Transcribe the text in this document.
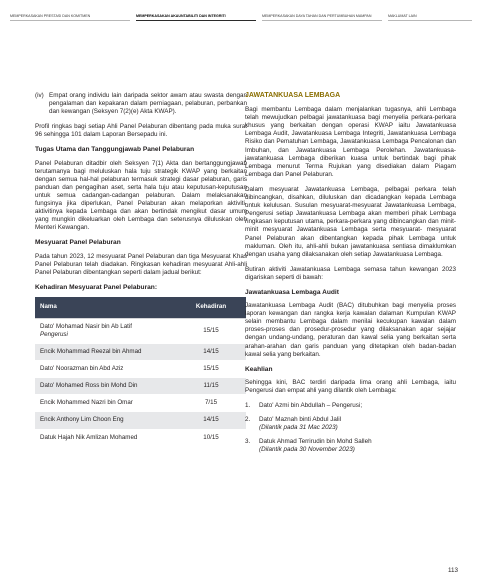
MEMPERKASAKAN PRESTASI DAN KOMITMEN	MEMPERKASAKAN AKAUNTABILITI DAN INTEGRITI	MEMPERKASAKAN DAYA TAHAN DAN PERTUMBUHAN MAMPAN	MAKLUMAT LAIN
(iv) Empat orang individu lain daripada sektor awam atau swasta dengan pengalaman dan kepakaran dalam perniagaan, pelaburan, perbankan dan kewangan (Seksyen 7(2)(e) Akta KWAP).

Profil ringkas bagi setiap Ahli Panel Pelaburan dibentang pada muka surat 96 sehingga 101 dalam Laporan Bersepadu ini.

Tugas Utama dan Tanggungjawab Panel Pelaburan

Panel Pelaburan ditadbir oleh Seksyen 7(1) Akta dan bertanggungjawab terutamanya bagi meluluskan hala tuju strategik KWAP yang berkaitan dengan semua hal-hal pelaburan termasuk strategi dasar pelaburan, garis panduan dan pengagihan aset, serta hala tuju atau keputusan-keputusan untuk semua cadangan-cadangan pelaburan. Dalam melaksanakan fungsinya jika diperlukan, Panel Pelaburan akan melaporkan aktiviti-aktivitinya kepada Lembaga dan akan bertindak mengikut dasar umum yang mungkin dikeluarkan oleh Lembaga dan seterusnya diluluskan oleh Menteri Kewangan.

Mesyuarat Panel Pelaburan

Pada tahun 2023, 12 mesyuarat Panel Pelaburan dan tiga Mesyuarat Khas Panel Pelaburan telah diadakan. Ringkasan kehadiran mesyuarat Ahli-ahli Panel Pelaburan dibentangkan seperti dalam jadual berikut:

Kehadiran Mesyuarat Panel Pelaburan:
Nama	Kehadiran
Dato' Mohamad Nasir bin Ab Latif
Pengerusi	15/15
Encik Mohammad Reezal bin Ahmad	14/15
Dato' Noorazman bin Abd Aziz	15/15
Dato' Mohamed Ross bin Mohd Din	11/15
Encik Mohammed Nazri bin Omar	7/15
Encik Anthony Lim Choon Eng	14/15
Datuk Hajah Nik Amlizan Mohamed	10/15
JAWATANKUASA LEMBAGA

Bagi membantu Lembaga dalam menjalankan tugasnya, ahli Lembaga telah mewujudkan pelbagai jawatankuasa bagi menyelia perkara-perkara khusus yang berkaitan dengan operasi KWAP iaitu Jawatankuasa Lembaga Audit, Jawatankuasa Lembaga Integriti, Jawatankuasa Lembaga Risiko dan Pematuhan Lembaga, Jawatankuasa Lembaga Pencalonan dan Imbuhan, dan Jawatankuasa Lembaga Perolehan. Jawatankuasa-jawatankuasa Lembaga diberikan kuasa untuk bertindak bagi pihak Lembaga menurut Terma Rujukan yang disediakan dalam Piagam Lembaga dan Panel Pelaburan.

Dalam mesyuarat Jawatankuasa Lembaga, pelbagai perkara telah dibincangkan, disahkan, diluluskan dan dicadangkan kepada Lembaga untuk kelulusan. Susulan mesyuarat-mesyuarat Jawatankuasa Lembaga, Pengerusi setiap Jawatankuasa Lembaga akan memberi pihak Lembaga ringkasan keputusan utama, perkara-perkara yang dibincangkan dan minit-minit mesyuarat Jawatankuasa Lembaga serta mesyuarat- mesyuarat Panel Pelaburan akan dibentangkan kepada pihak Lembaga untuk makluman. Oleh itu, ahli-ahli bukan jawatankuasa sentiasa dimaklumkan dengan usaha yang dilaksanakan oleh setiap Jawatankuasa Lembaga.

Butiran aktiviti Jawatankuasa Lembaga semasa tahun kewangan 2023 digariskan seperti di bawah:

Jawatankuasa Lembaga Audit

Jawatankuasa Lembaga Audit (BAC) ditubuhkan bagi menyelia proses laporan kewangan dan rangka kerja kawalan dalaman Kumpulan KWAP selain membantu Lembaga dalam menilai kecukupan kawalan dalam proses-proses dan prosedur-prosedur yang dilaksanakan agar sejajar dengan undang-undang, peraturan dan kawal selia yang berkaitan serta arahan-arahan dan garis panduan yang ditetapkan oleh badan-badan kawal selia yang berkaitan.

Keahlian

Sehingga kini, BAC terdiri daripada lima orang ahli Lembaga, iaitu Pengerusi dan empat ahli yang dilantik oleh Lembaga:

1.	Dato' Azmi bin Abdullah – Pengerusi;
2.	Dato' Maznah binti Abdul Jalil
(Dilantik pada 31 Mac 2023)
3.	Datuk Ahmad Terrirudin bin Mohd Salleh
(Dilantik pada 30 November 2023)
113
